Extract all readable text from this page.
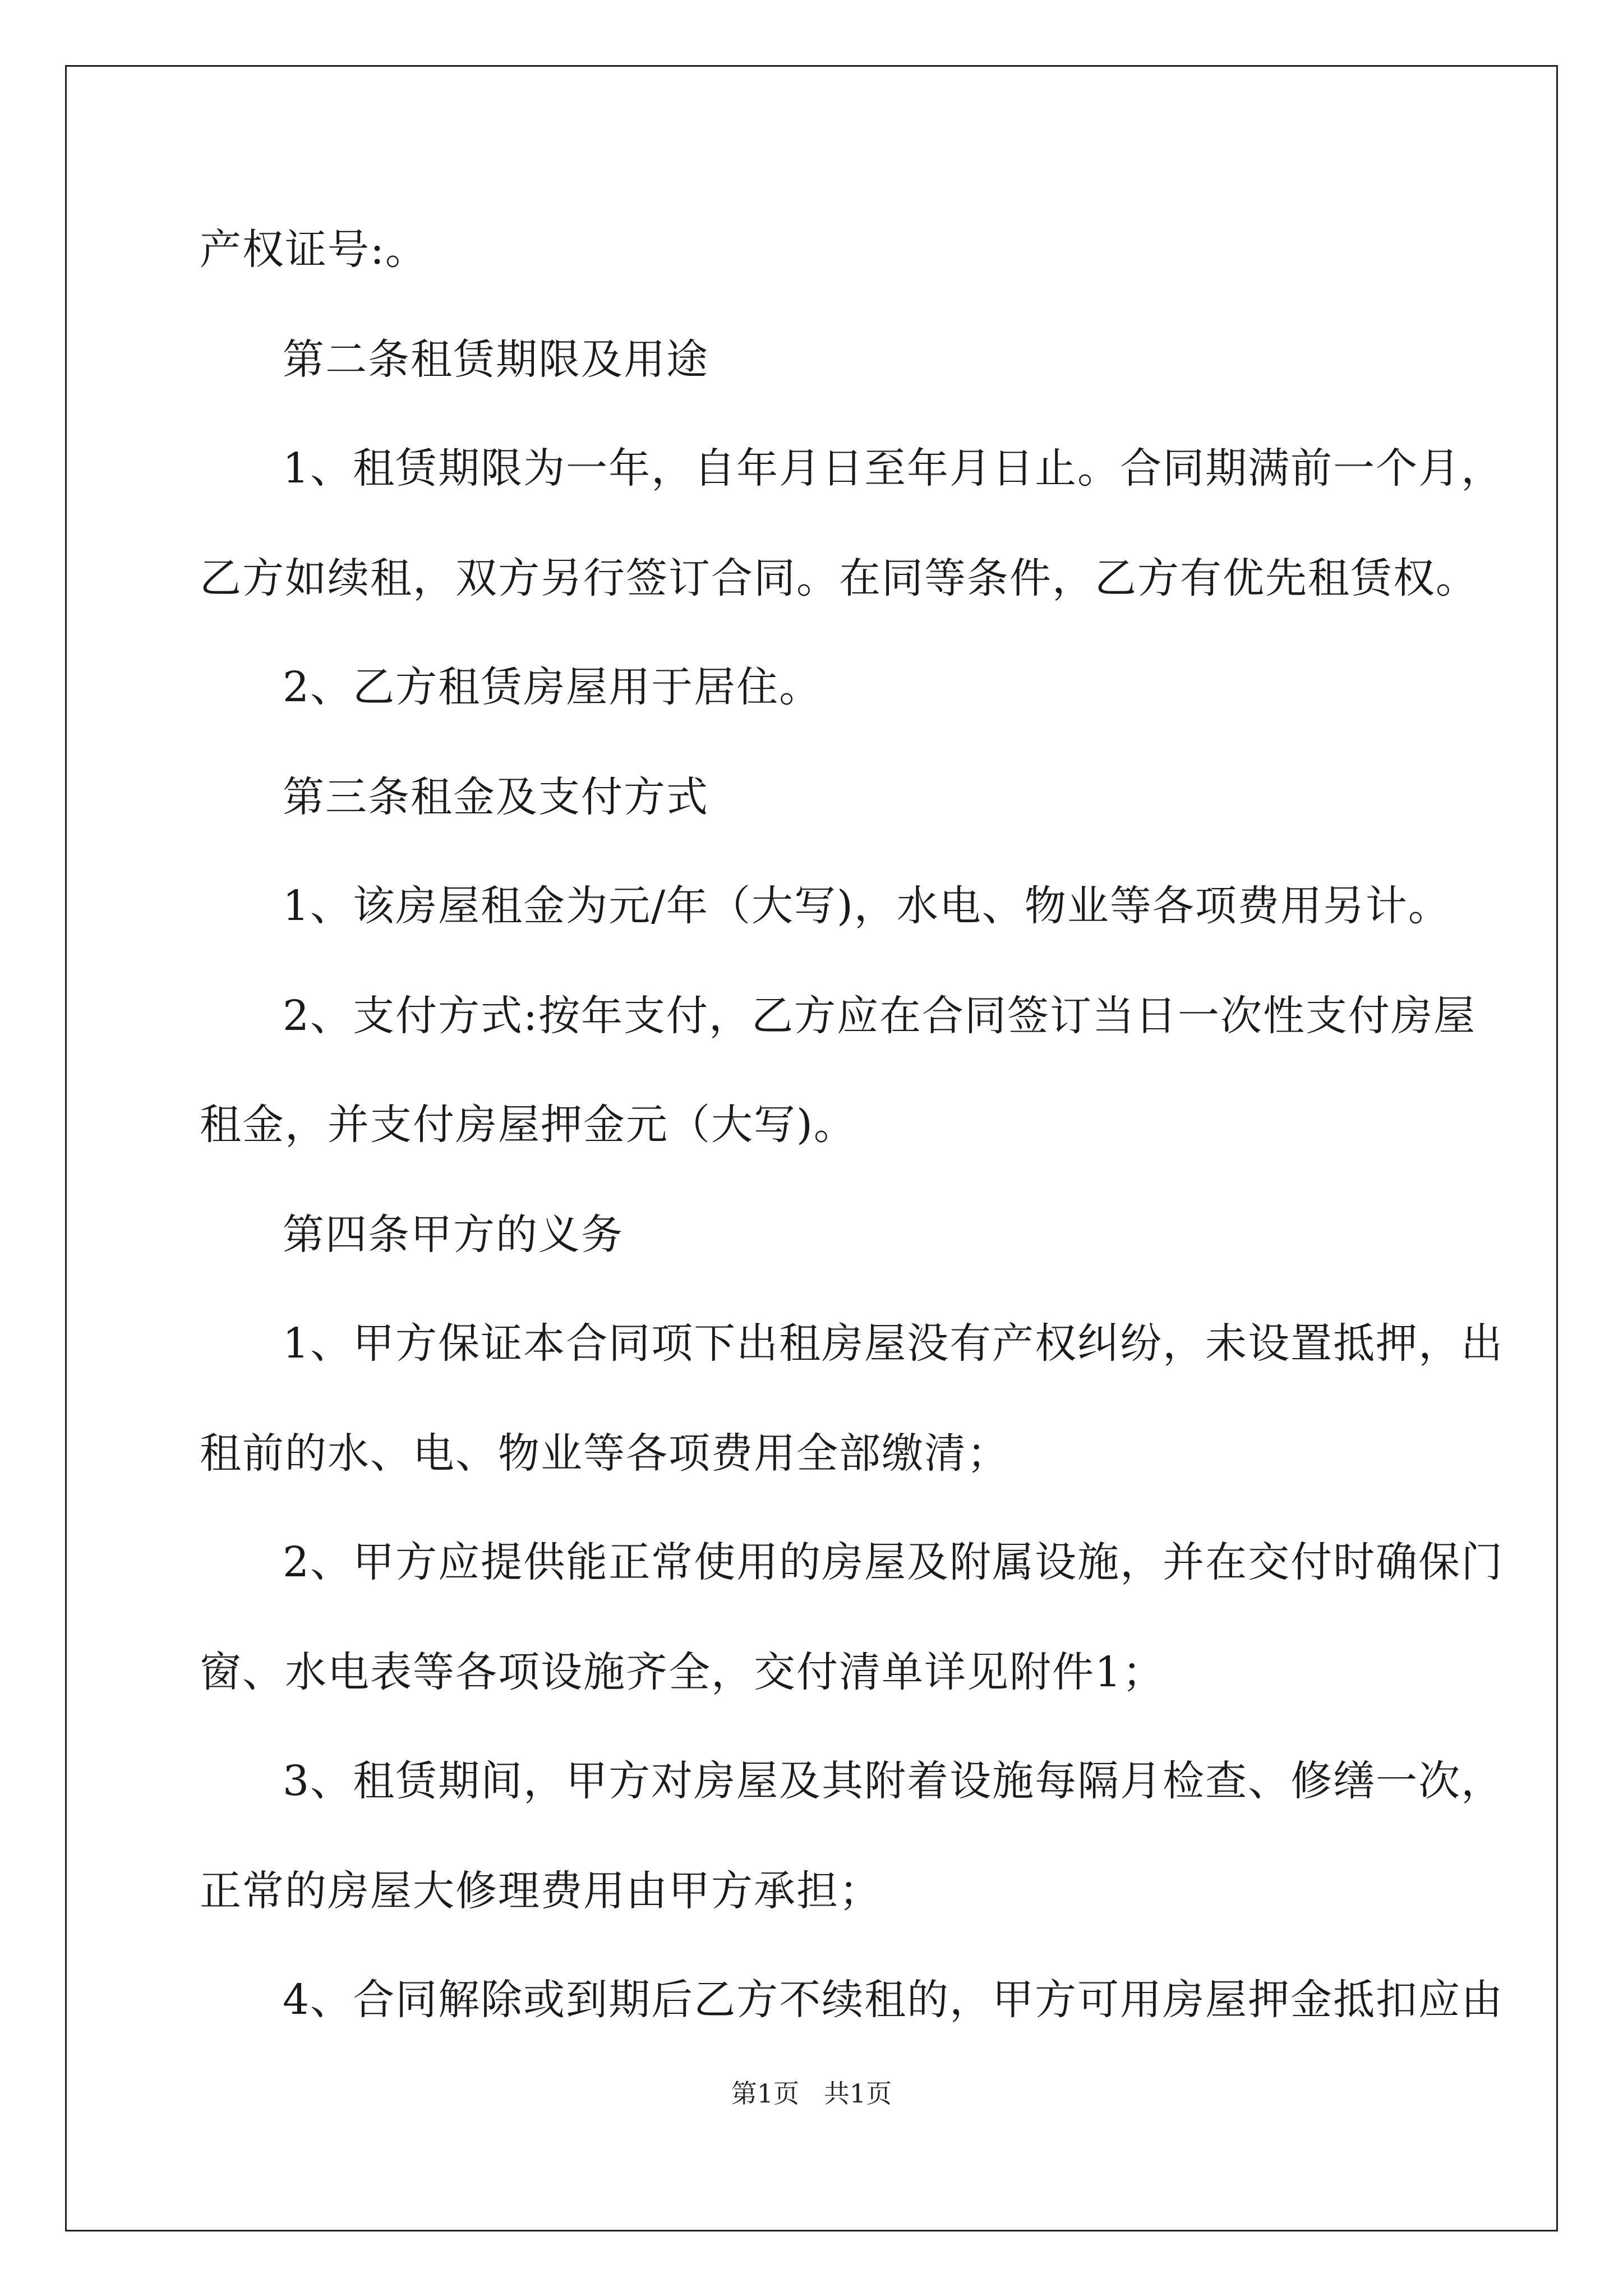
产权证号:。
第二条租赁期限及用途
1、租赁期限为一年，自年月日至年月日止。合同期满前一个月，
乙方如续租，双方另行签订合同。在同等条件，乙方有优先租赁权。
2、乙方租赁房屋用于居住。
第三条租金及支付方式
1、该房屋租金为元/年（大写)，水电、物业等各项费用另计。
2、支付方式:按年支付，乙方应在合同签订当日一次性支付房屋
租金，并支付房屋押金元（大写)。
第四条甲方的义务
1、甲方保证本合同项下出租房屋没有产权纠纷，未设置抵押，出
租前的水、电、物业等各项费用全部缴清；
2、甲方应提供能正常使用的房屋及附属设施，并在交付时确保门
窗、水电表等各项设施齐全，交付清单详见附件1；
3、租赁期间，甲方对房屋及其附着设施每隔月检查、修缮一次，
正常的房屋大修理费用由甲方承担；
4、合同解除或到期后乙方不续租的，甲方可用房屋押金抵扣应由
第1页   共1页
